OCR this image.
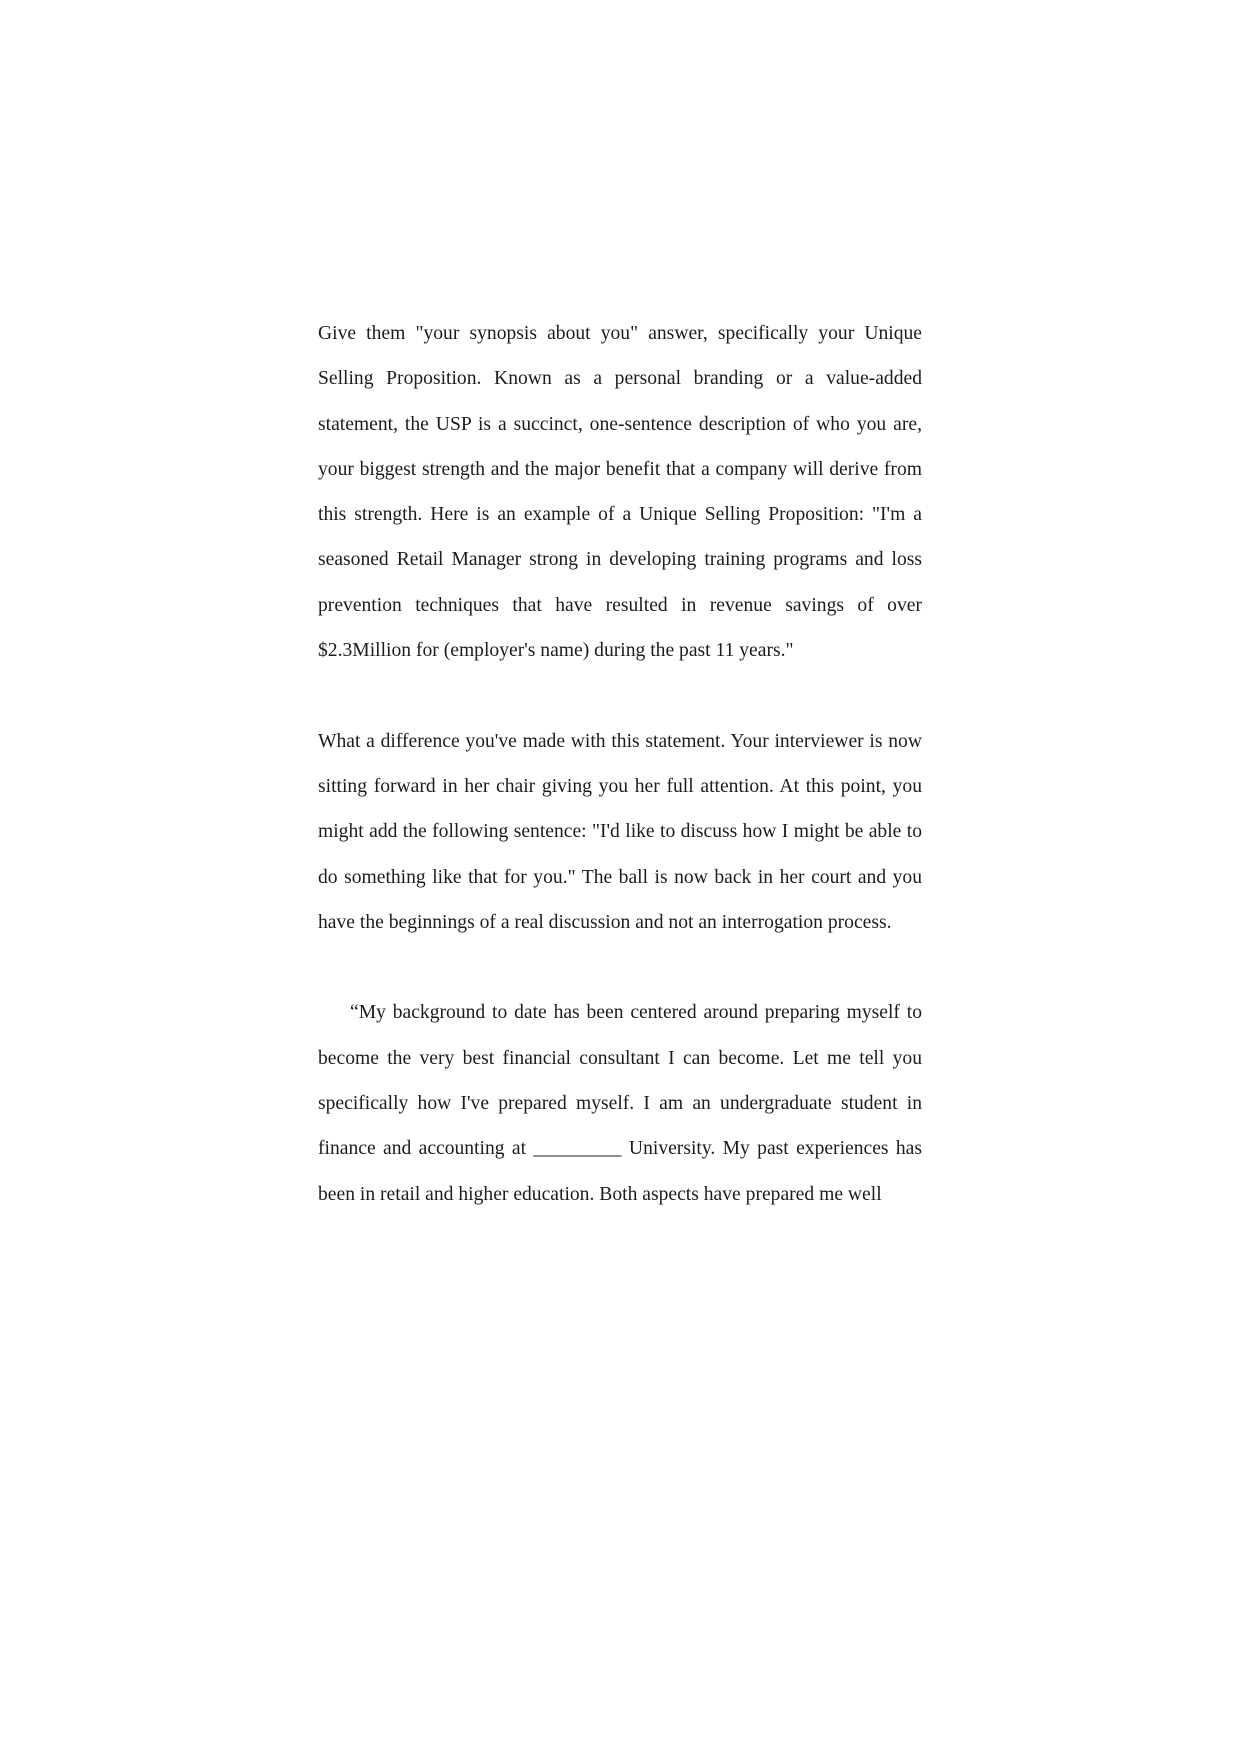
Give them "your synopsis about you" answer, specifically your Unique Selling Proposition. Known as a personal branding or a value-added statement, the USP is a succinct, one-sentence description of who you are, your biggest strength and the major benefit that a company will derive from this strength. Here is an example of a Unique Selling Proposition: "I'm a seasoned Retail Manager strong in developing training programs and loss prevention techniques that have resulted in revenue savings of over $2.3Million for (employer's name) during the past 11 years."

What a difference you've made with this statement. Your interviewer is now sitting forward in her chair giving you her full attention. At this point, you might add the following sentence: "I'd like to discuss how I might be able to do something like that for you." The ball is now back in her court and you have the beginnings of a real discussion and not an interrogation process.

“My background to date has been centered around preparing myself to become the very best financial consultant I can become. Let me tell you specifically how I've prepared myself. I am an undergraduate student in finance and accounting at _________ University. My past experiences has been in retail and higher education. Both aspects have prepared me well
